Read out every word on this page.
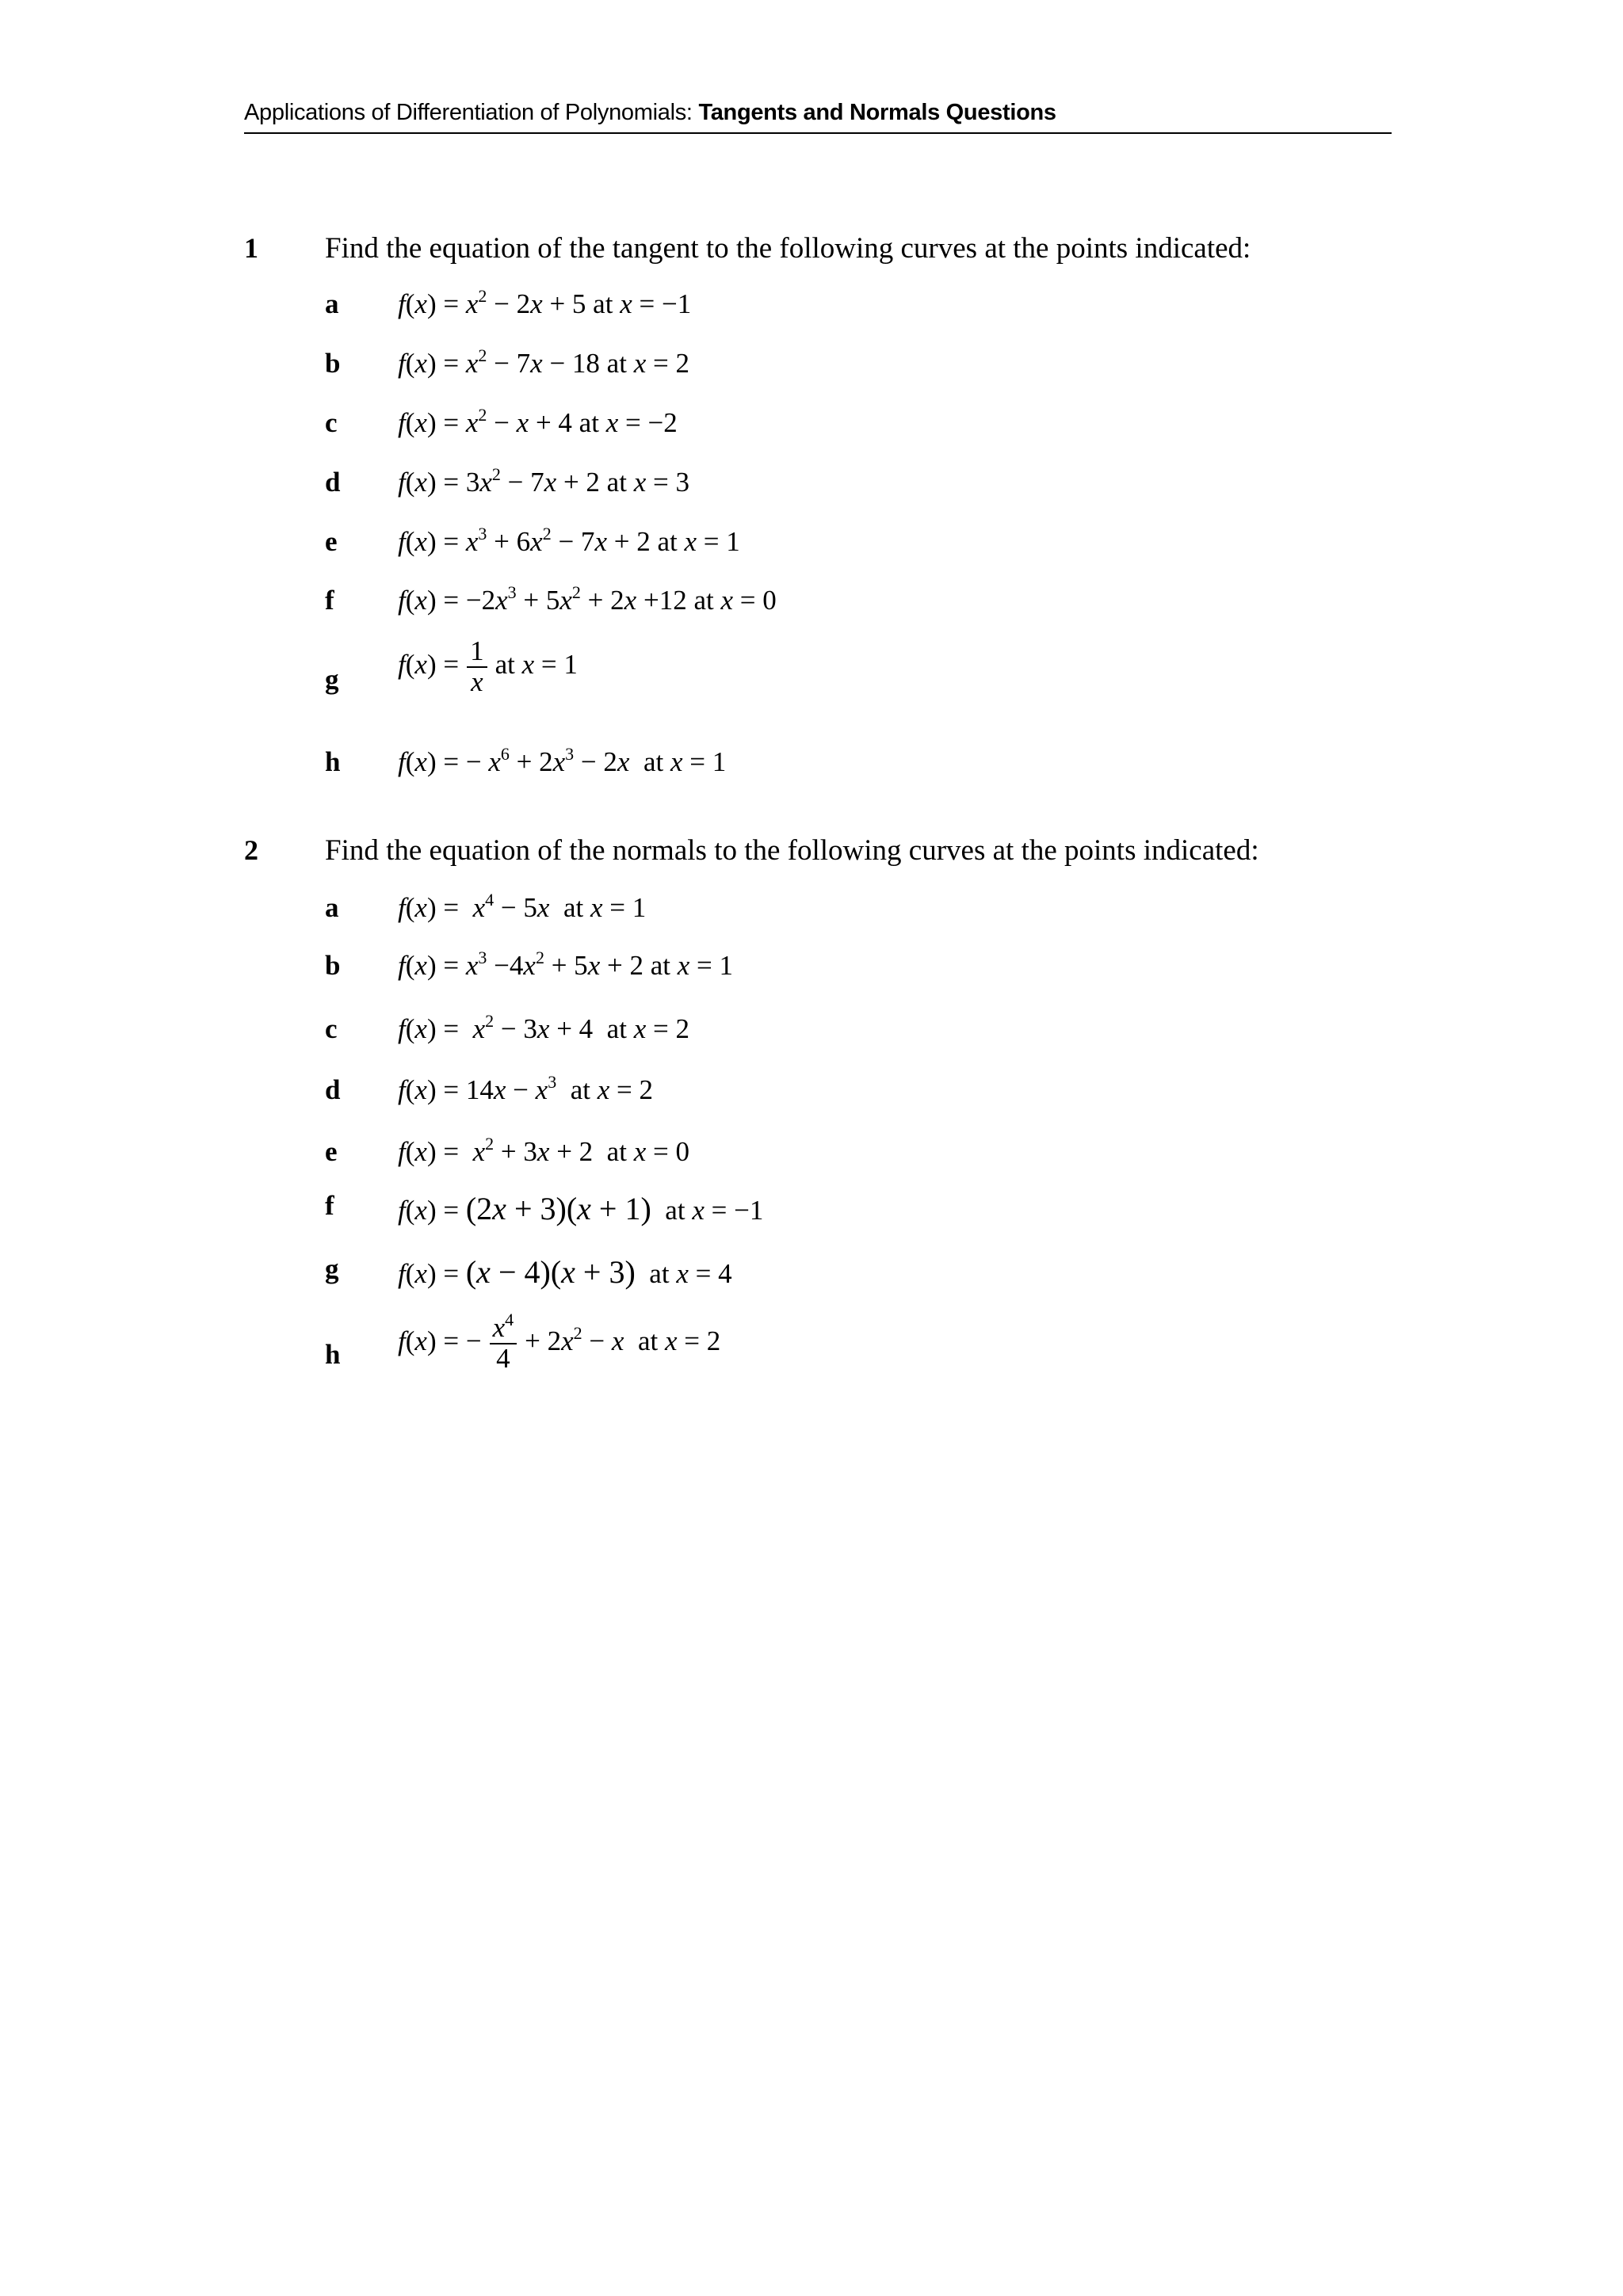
Applications of Differentiation of Polynomials: Tangents and Normals Questions
1 Find the equation of the tangent to the following curves at the points indicated:
a $f(x) = x^2 - 2x + 5$ at x = −1
b $f(x) = x^2 - 7x - 18$ at x = 2
c $f(x) = x^2 - x + 4$ at x = −2
d $f(x) = 3x^2 - 7x + 2$ at x = 3
e $f(x) = x^3 + 6x^2 - 7x + 2$ at x = 1
f $f(x) = -2x^3 + 5x^2 + 2x +12$ at x = 0
g $f(x) = \frac{1}{x}$ at x = 1
h f(x) = − $x^6 + 2x^3 - 2x$  at x = 1
2 Find the equation of the normals to the following curves at the points indicated:
a $f(x) = x^4 - 5x$  at x = 1
b $f(x) = x^3 -4x^2 + 5x + 2$ at x = 1
c $f(x) = x^2 - 3x + 4$  at x = 2
d $f(x) = 14x - x^3$  at x = 2
e $f(x) = x^2 + 3x + 2$  at x = 0
f f(x) = (2x + 3)(x + 1)  at x = −1
g f(x) = (x − 4)(x + 3)  at x = 4
h f(x) = − $\frac{x^4}{4} + 2x^2 - x$  at x = 2
